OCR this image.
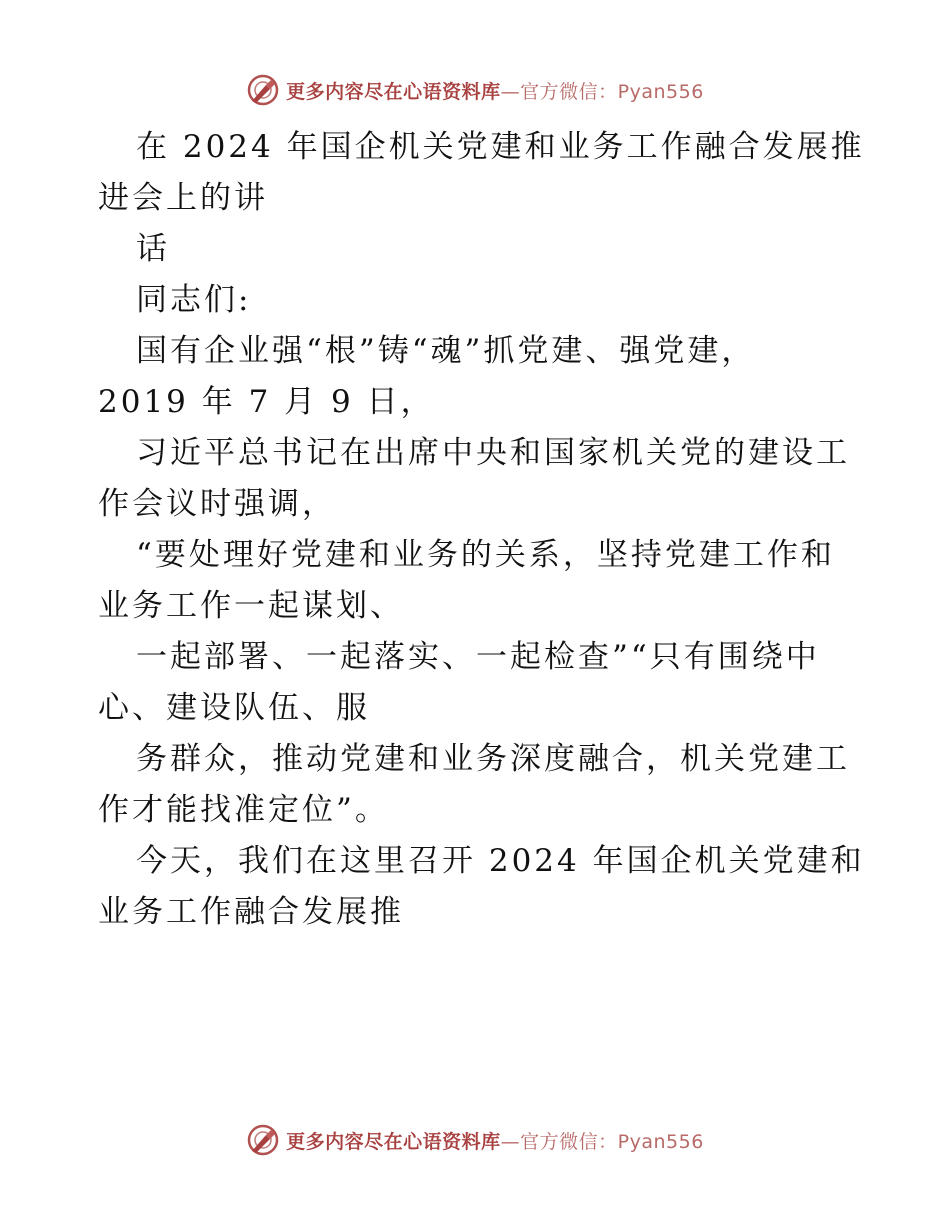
更多内容尽在心语资料库—官方微信：Pyan556
在 2024 年国企机关党建和业务工作融合发展推
进会上的讲
话
同志们:
国有企业强“根”铸“魂”抓党建、强党建，
2019 年 7 月 9 日，
习近平总书记在出席中央和国家机关党的建设工
作会议时强调，
“要处理好党建和业务的关系，坚持党建工作和
业务工作一起谋划、
一起部署、一起落实、一起检查”“只有围绕中
心、建设队伍、服
务群众，推动党建和业务深度融合，机关党建工
作才能找准定位”。
今天，我们在这里召开 2024 年国企机关党建和
业务工作融合发展推
更多内容尽在心语资料库—官方微信：Pyan556
